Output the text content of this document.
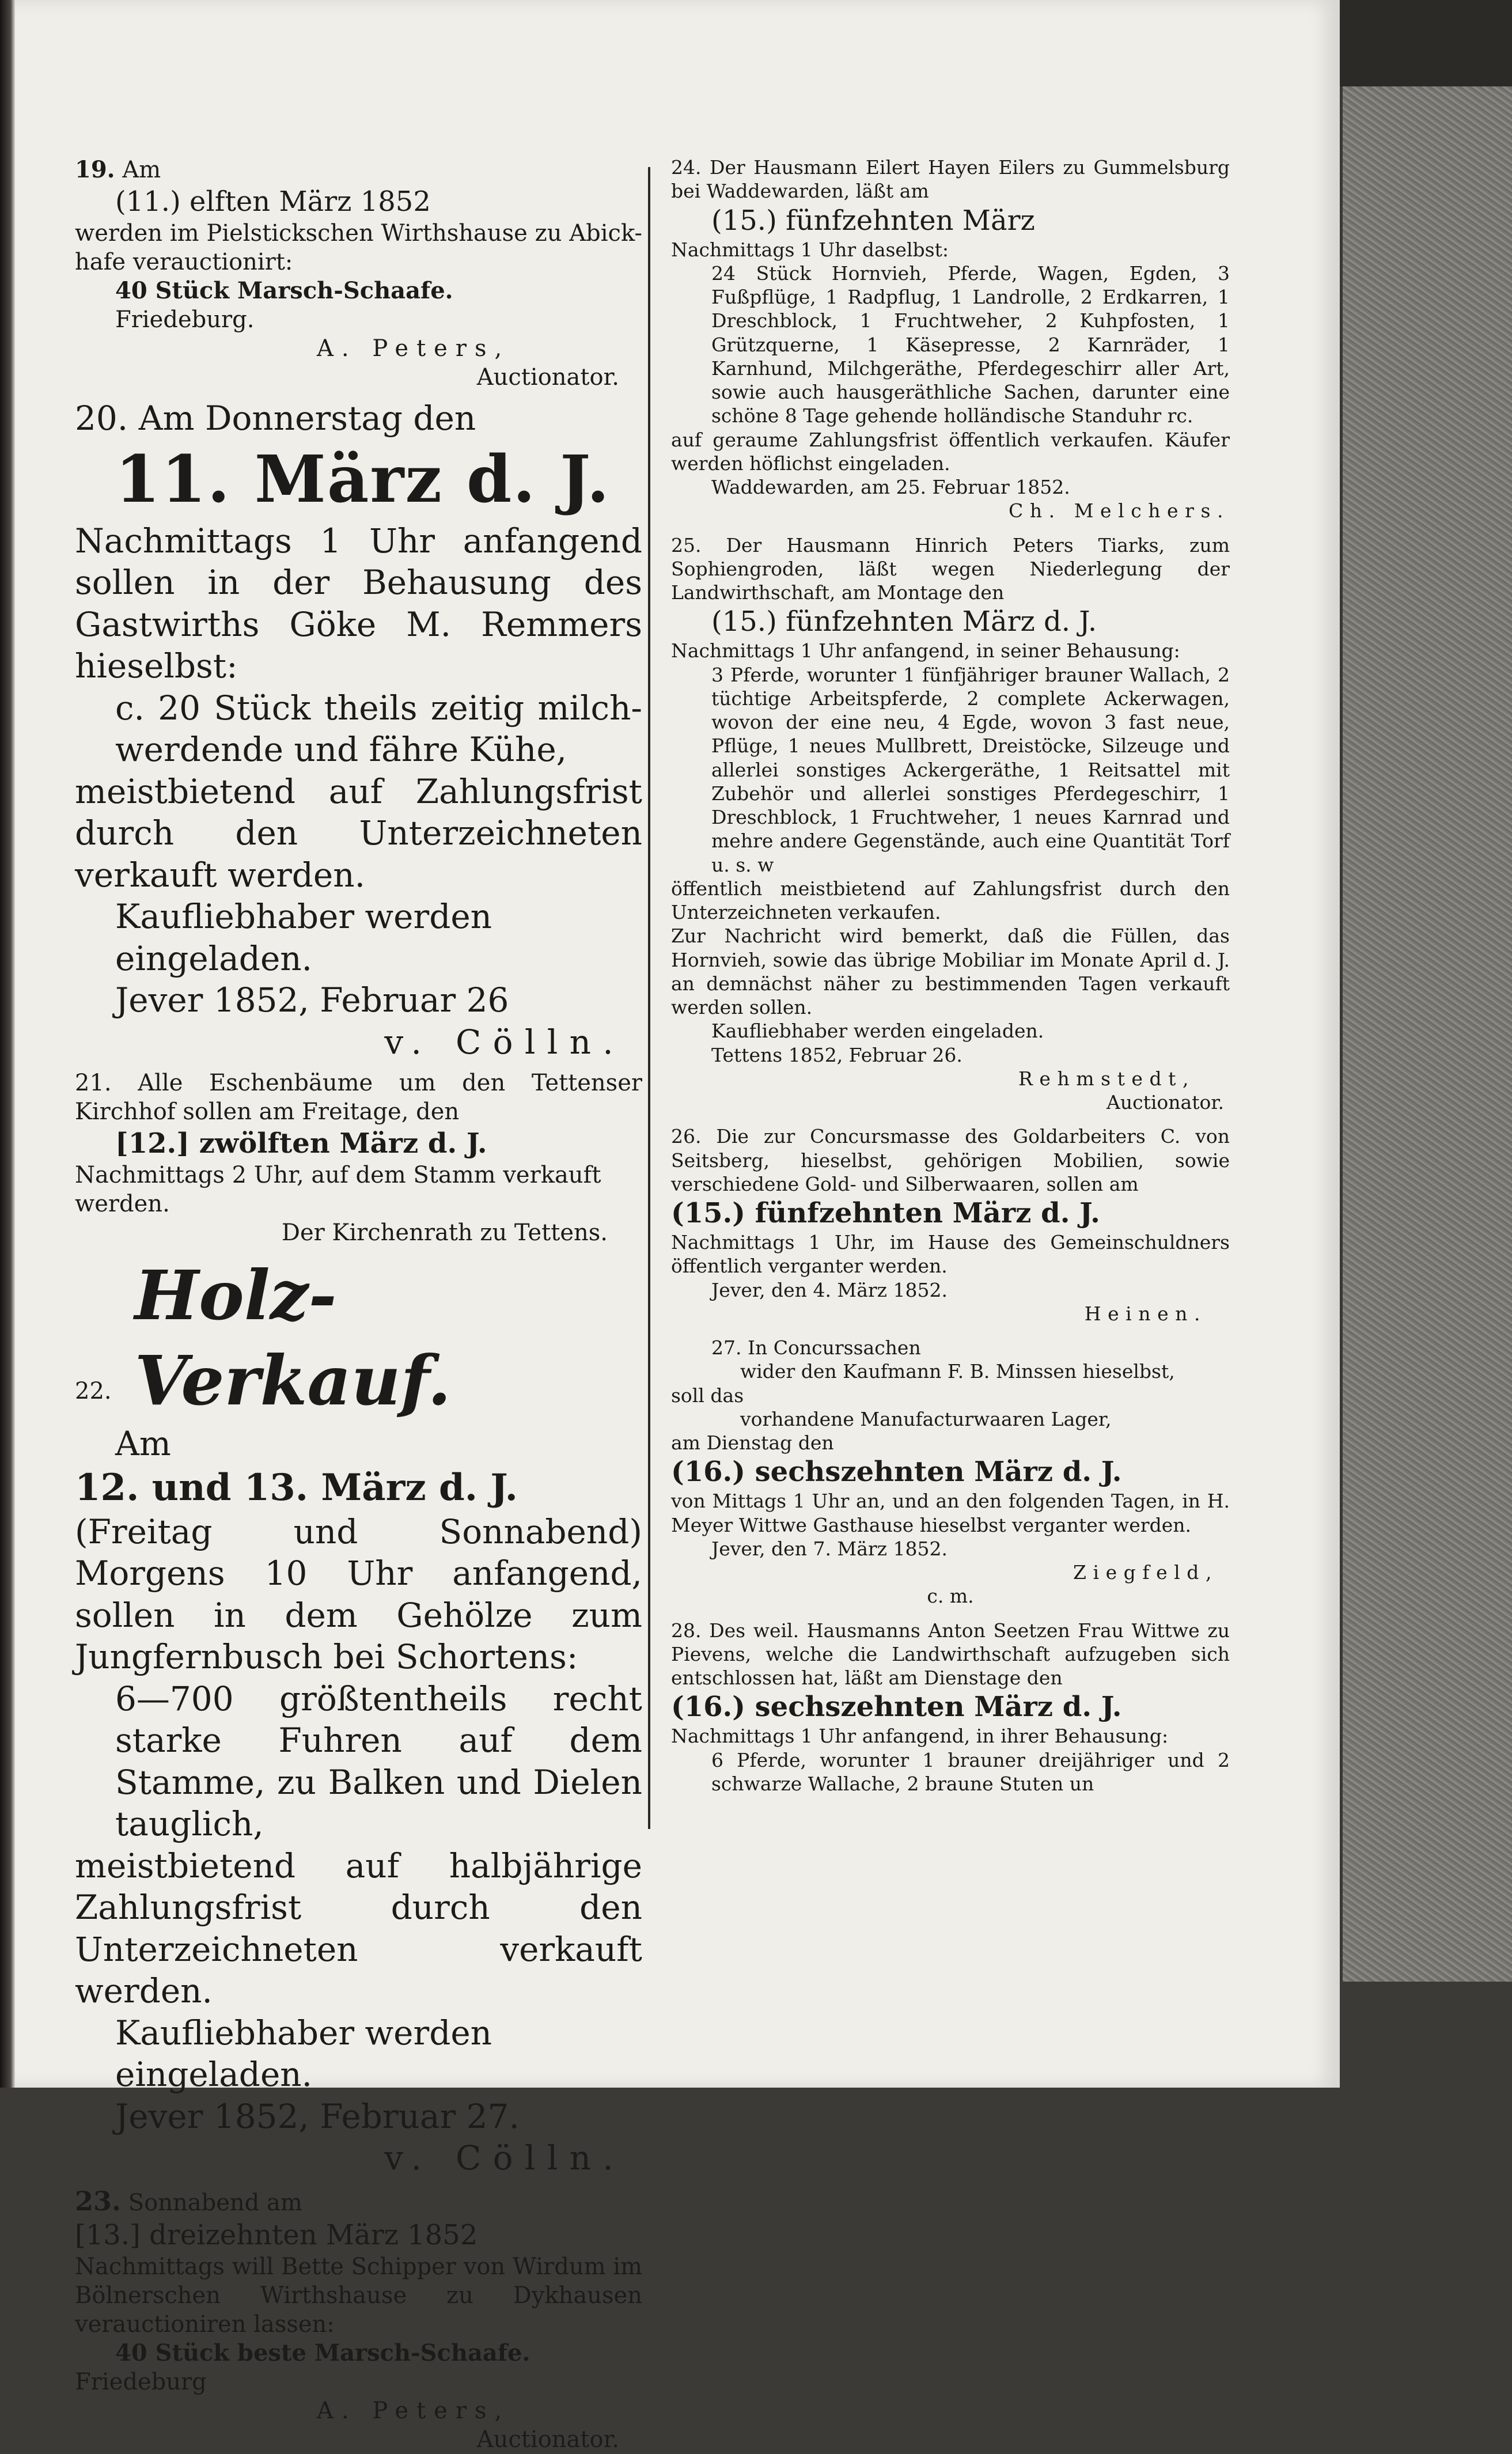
19. Am

(11.) elften März 1852

werden im Pielstickschen Wirthshause zu Abick-hafe verauctionirt:

40 Stück Marsch-Schaafe.

Friedeburg.

A. Peters,

Auctionator.

20. Am Donnerstag den

11. März d. J.

Nachmittags 1 Uhr anfangend sollen in der Behausung des Gastwirths Göke M. Remmers hieselbst:

c. 20 Stück theils zeitig milch-werdende und fähre Kühe,

meistbietend auf Zahlungsfrist durch den Unterzeichneten verkauft werden.

Kaufliebhaber werden eingeladen.

Jever 1852, Februar 26

v. Cölln.

21. Alle Eschenbäume um den Tettenser Kirchhof sollen am Freitage, den

[12.] zwölften März d. J.

Nachmittags 2 Uhr, auf dem Stamm verkauft werden.

Der Kirchenrath zu Tettens.

22.
Holz-Verkauf.

Am

12. und 13. März d. J.

(Freitag und Sonnabend) Morgens 10 Uhr anfangend, sollen in dem Gehölze zum Jungfernbusch bei Schortens:

6—700 größtentheils recht starke Fuhren auf dem Stamme, zu Balken und Dielen tauglich,

meistbietend auf halbjährige Zahlungsfrist durch den Unterzeichneten verkauft werden.

Kaufliebhaber werden eingeladen.

Jever 1852, Februar 27.

v. Cölln.

23. Sonnabend am

[13.] dreizehnten März 1852

Nachmittags will Bette Schipper von Wirdum im Bölnerschen Wirthshause zu Dykhausen verauctioniren lassen:

40 Stück beste Marsch-Schaafe.

Friedeburg

A. Peters,

Auctionator.

24. Der Hausmann Eilert Hayen Eilers zu Gummelsburg bei Waddewarden, läßt am

(15.) fünfzehnten März

Nachmittags 1 Uhr daselbst:

24 Stück Hornvieh, Pferde, Wagen, Egden, 3 Fußpflüge, 1 Radpflug, 1 Landrolle, 2 Erdkarren, 1 Dreschblock, 1 Fruchtweher, 2 Kuhpfosten, 1 Grützquerne, 1 Käsepresse, 2 Karnräder, 1 Karnhund, Milchgeräthe, Pferdegeschirr aller Art, sowie auch hausgeräthliche Sachen, darunter eine schöne 8 Tage gehende holländische Standuhr rc.

auf geraume Zahlungsfrist öffentlich verkaufen. Käufer werden höflichst eingeladen.

Waddewarden, am 25. Februar 1852.

Ch. Melchers.

25. Der Hausmann Hinrich Peters Tiarks, zum Sophiengroden, läßt wegen Niederlegung der Landwirthschaft, am Montage den

(15.) fünfzehnten März d. J.

Nachmittags 1 Uhr anfangend, in seiner Behausung:

3 Pferde, worunter 1 fünfjähriger brauner Wallach, 2 tüchtige Arbeitspferde, 2 complete Ackerwagen, wovon der eine neu, 4 Egde, wovon 3 fast neue, Pflüge, 1 neues Mullbrett, Dreistöcke, Silzeuge und allerlei sonstiges Ackergeräthe, 1 Reitsattel mit Zubehör und allerlei sonstiges Pferdegeschirr, 1 Dreschblock, 1 Fruchtweher, 1 neues Karnrad und mehre andere Gegenstände, auch eine Quantität Torf u. s. w

öffentlich meistbietend auf Zahlungsfrist durch den Unterzeichneten verkaufen.

Zur Nachricht wird bemerkt, daß die Füllen, das Hornvieh, sowie das übrige Mobiliar im Monate April d. J. an demnächst näher zu bestimmenden Tagen verkauft werden sollen.

Kaufliebhaber werden eingeladen.

Tettens 1852, Februar 26.

Rehmstedt,

Auctionator.

26. Die zur Concursmasse des Goldarbeiters C. von Seitsberg, hieselbst, gehörigen Mobilien, sowie verschiedene Gold- und Silberwaaren, sollen am

(15.) fünfzehnten März d. J.

Nachmittags 1 Uhr, im Hause des Gemeinschuldners öffentlich verganter werden.

Jever, den 4. März 1852.

Heinen.

27. In Concurssachen

wider den Kaufmann F. B. Minssen hieselbst,

soll das

vorhandene Manufacturwaaren Lager,

am Dienstag den

(16.) sechszehnten März d. J.

von Mittags 1 Uhr an, und an den folgenden Tagen, in H. Meyer Wittwe Gasthause hieselbst verganter werden.

Jever, den 7. März 1852.

Ziegfeld,

c. m.

28. Des weil. Hausmanns Anton Seetzen Frau Wittwe zu Pievens, welche die Landwirthschaft aufzugeben sich entschlossen hat, läßt am Dienstage den

(16.) sechszehnten März d. J.

Nachmittags 1 Uhr anfangend, in ihrer Behausung:

6 Pferde, worunter 1 brauner dreijähriger und 2 schwarze Wallache, 2 braune Stuten un
